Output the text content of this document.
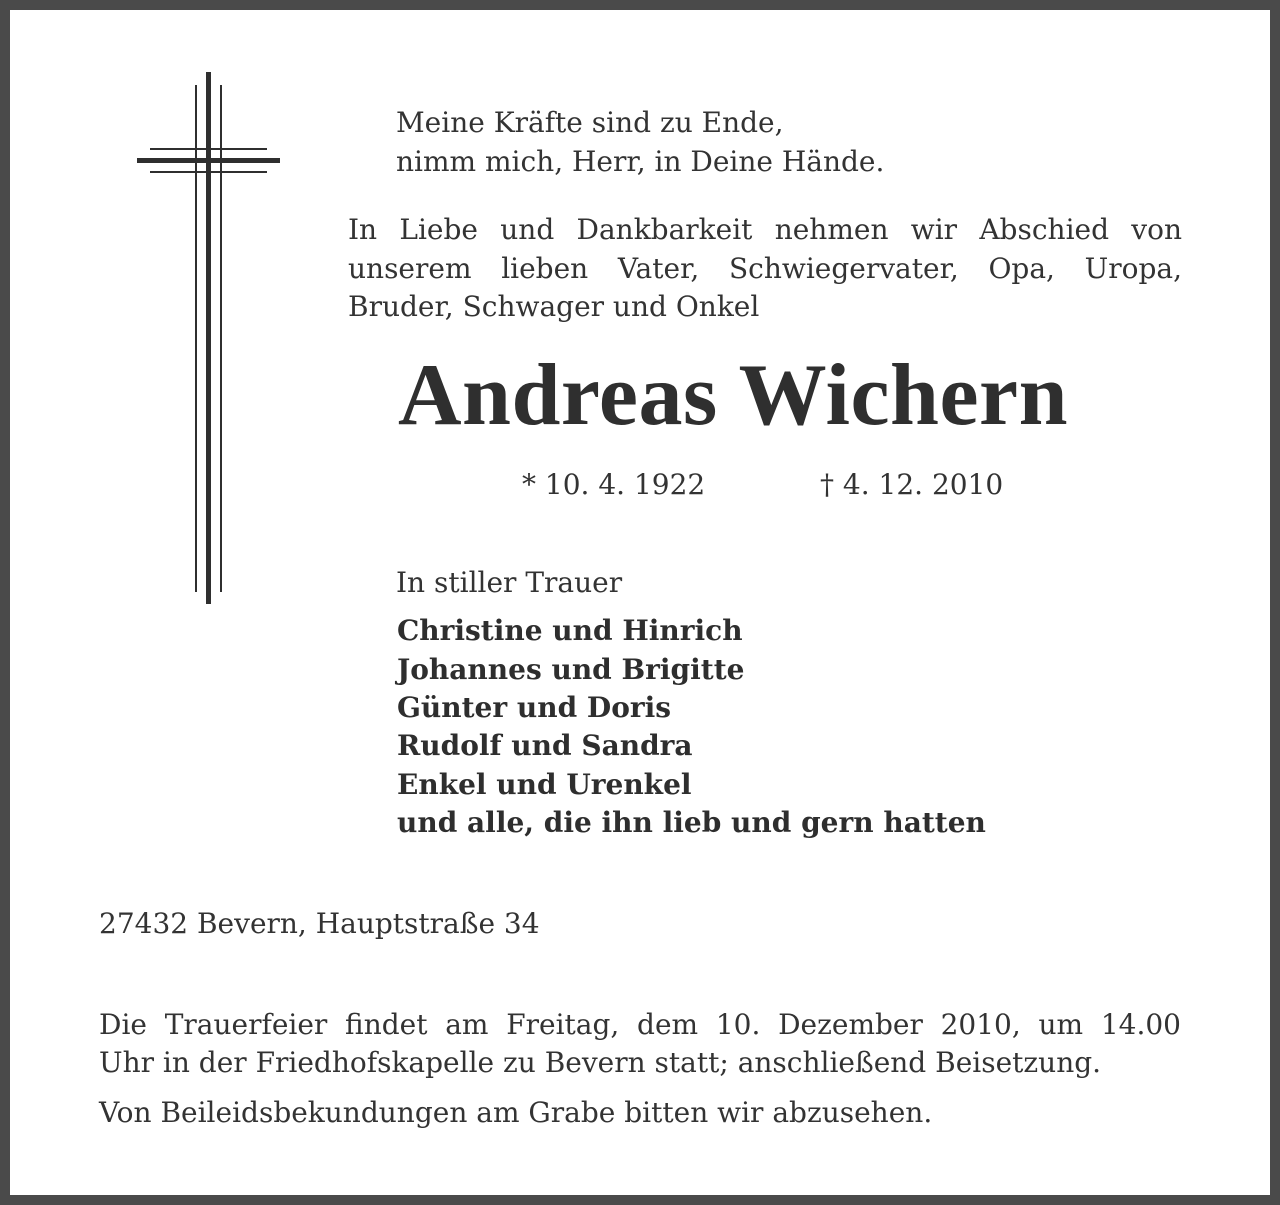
Meine Kräfte sind zu Ende,

nimm mich, Herr, in Deine Hände.

In Liebe und Dankbarkeit nehmen wir Abschied von

unserem lieben Vater, Schwiegervater, Opa, Uropa,

Bruder, Schwager und Onkel

Andreas Wichern

* 10. 4. 1922	† 4. 12. 2010

In stiller Trauer

Christine und Hinrich

Johannes und Brigitte

Günter und Doris

Rudolf und Sandra

Enkel und Urenkel

und alle, die ihn lieb und gern hatten

27432 Bevern, Hauptstraße 34

Die Trauerfeier findet am Freitag, dem 10. Dezember 2010, um 14.00

Uhr in der Friedhofskapelle zu Bevern statt; anschließend Beisetzung.

Von Beileidsbekundungen am Grabe bitten wir abzusehen.
